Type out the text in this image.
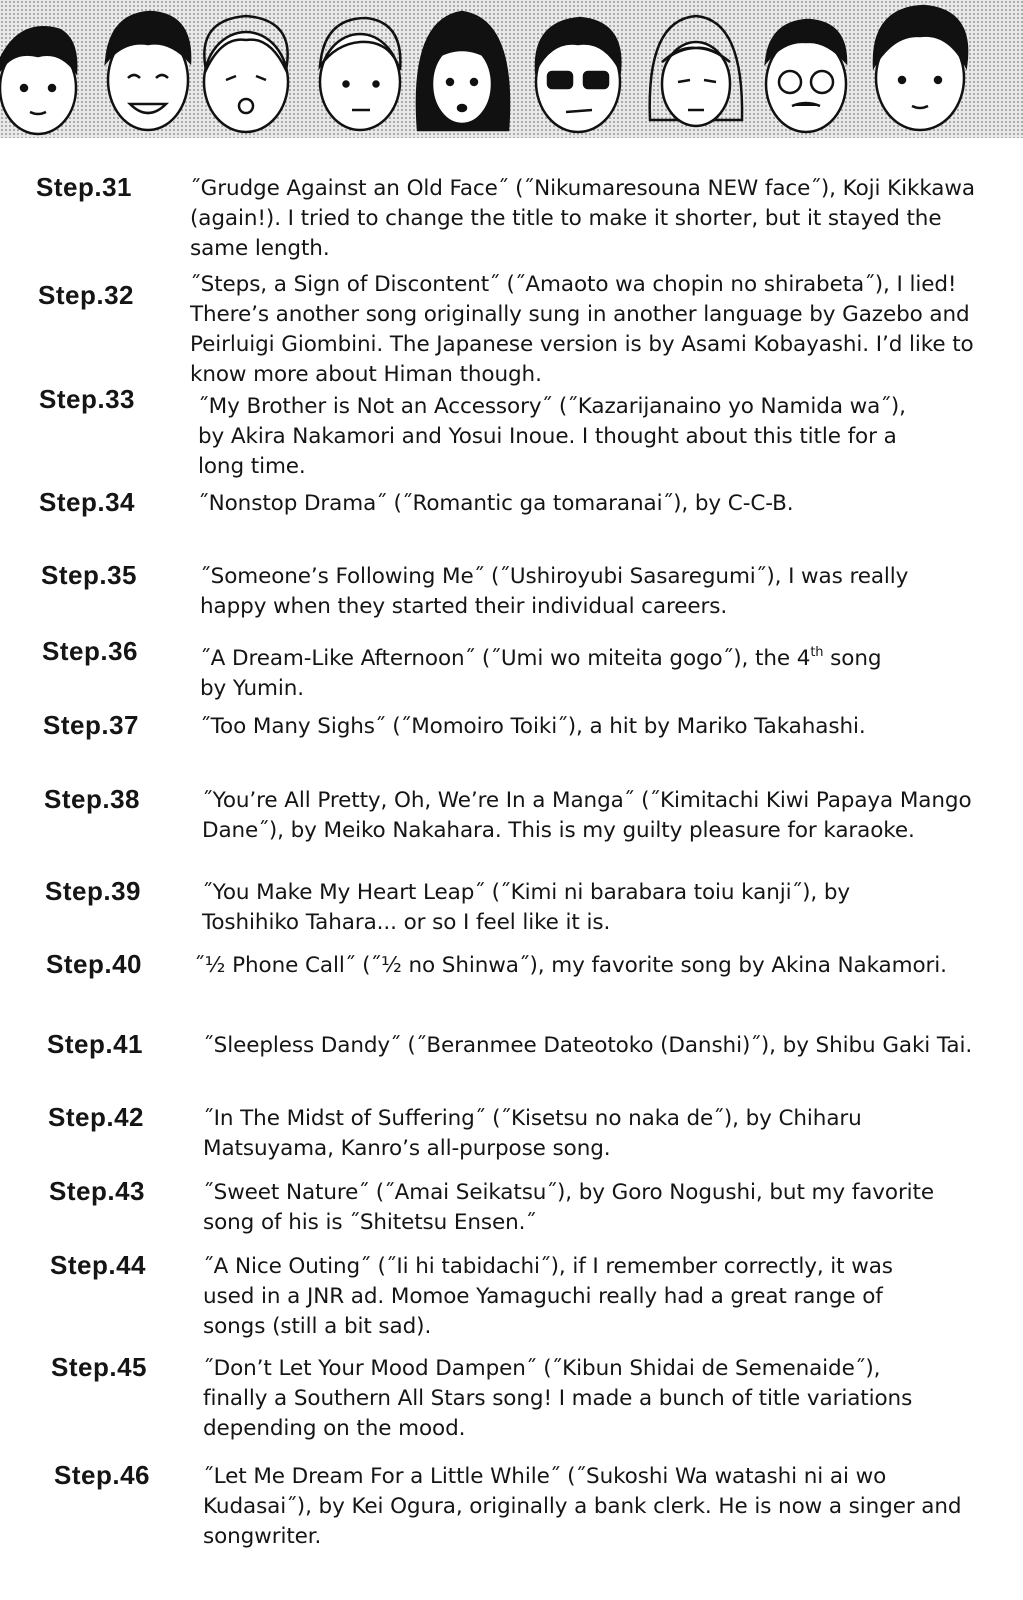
Step.31	˝Grudge Against an Old Face˝ (˝Nikumaresouna NEW face˝), Koji Kikkawa (again!). I tried to change the title to make it shorter, but it stayed the same length.
Step.32	˝Steps, a Sign of Discontent˝ (˝Amaoto wa chopin no shirabeta˝), I lied! There’s another song originally sung in another language by Gazebo and Peirluigi Giombini. The Japanese version is by Asami Kobayashi. I’d like to know more about Himan though.
Step.33	˝My Brother is Not an Accessory˝ (˝Kazarijanaino yo Namida wa˝), by Akira Nakamori and Yosui Inoue. I thought about this title for a long time.
Step.34	˝Nonstop Drama˝ (˝Romantic ga tomaranai˝), by C-C-B.
Step.35	˝Someone’s Following Me˝ (˝Ushiroyubi Sasaregumi˝), I was really happy when they started their individual careers.
Step.36	˝A Dream-Like Afternoon˝ (˝Umi wo miteita gogo˝), the 4th song by Yumin.
Step.37	˝Too Many Sighs˝ (˝Momoiro Toiki˝), a hit by Mariko Takahashi.
Step.38	˝You’re All Pretty, Oh, We’re In a Manga˝ (˝Kimitachi Kiwi Papaya Mango Dane˝), by Meiko Nakahara. This is my guilty pleasure for karaoke.
Step.39	˝You Make My Heart Leap˝ (˝Kimi ni barabara toiu kanji˝), by Toshihiko Tahara... or so I feel like it is.
Step.40 ˝½ Phone Call˝ (˝½ no Shinwa˝), my favorite song by Akina Nakamori.
Step.41	˝Sleepless Dandy˝ (˝Beranmee Dateotoko (Danshi)˝), by Shibu Gaki Tai.
Step.42	˝In The Midst of Suffering˝ (˝Kisetsu no naka de˝), by Chiharu Matsuyama, Kanro’s all-purpose song.
Step.43	˝Sweet Nature˝ (˝Amai Seikatsu˝), by Goro Nogushi, but my favorite song of his is ˝Shitetsu Ensen.˝
Step.44	˝A Nice Outing˝ (˝Ii hi tabidachi˝), if I remember correctly, it was used in a JNR ad. Momoe Yamaguchi really had a great range of songs (still a bit sad).
Step.45	˝Don’t Let Your Mood Dampen˝ (˝Kibun Shidai de Semenaide˝), finally a Southern All Stars song! I made a bunch of title variations depending on the mood.
Step.46 ˝Let Me Dream For a Little While˝ (˝Sukoshi Wa watashi ni ai wo Kudasai˝), by Kei Ogura, originally a bank clerk. He is now a singer and songwriter.
